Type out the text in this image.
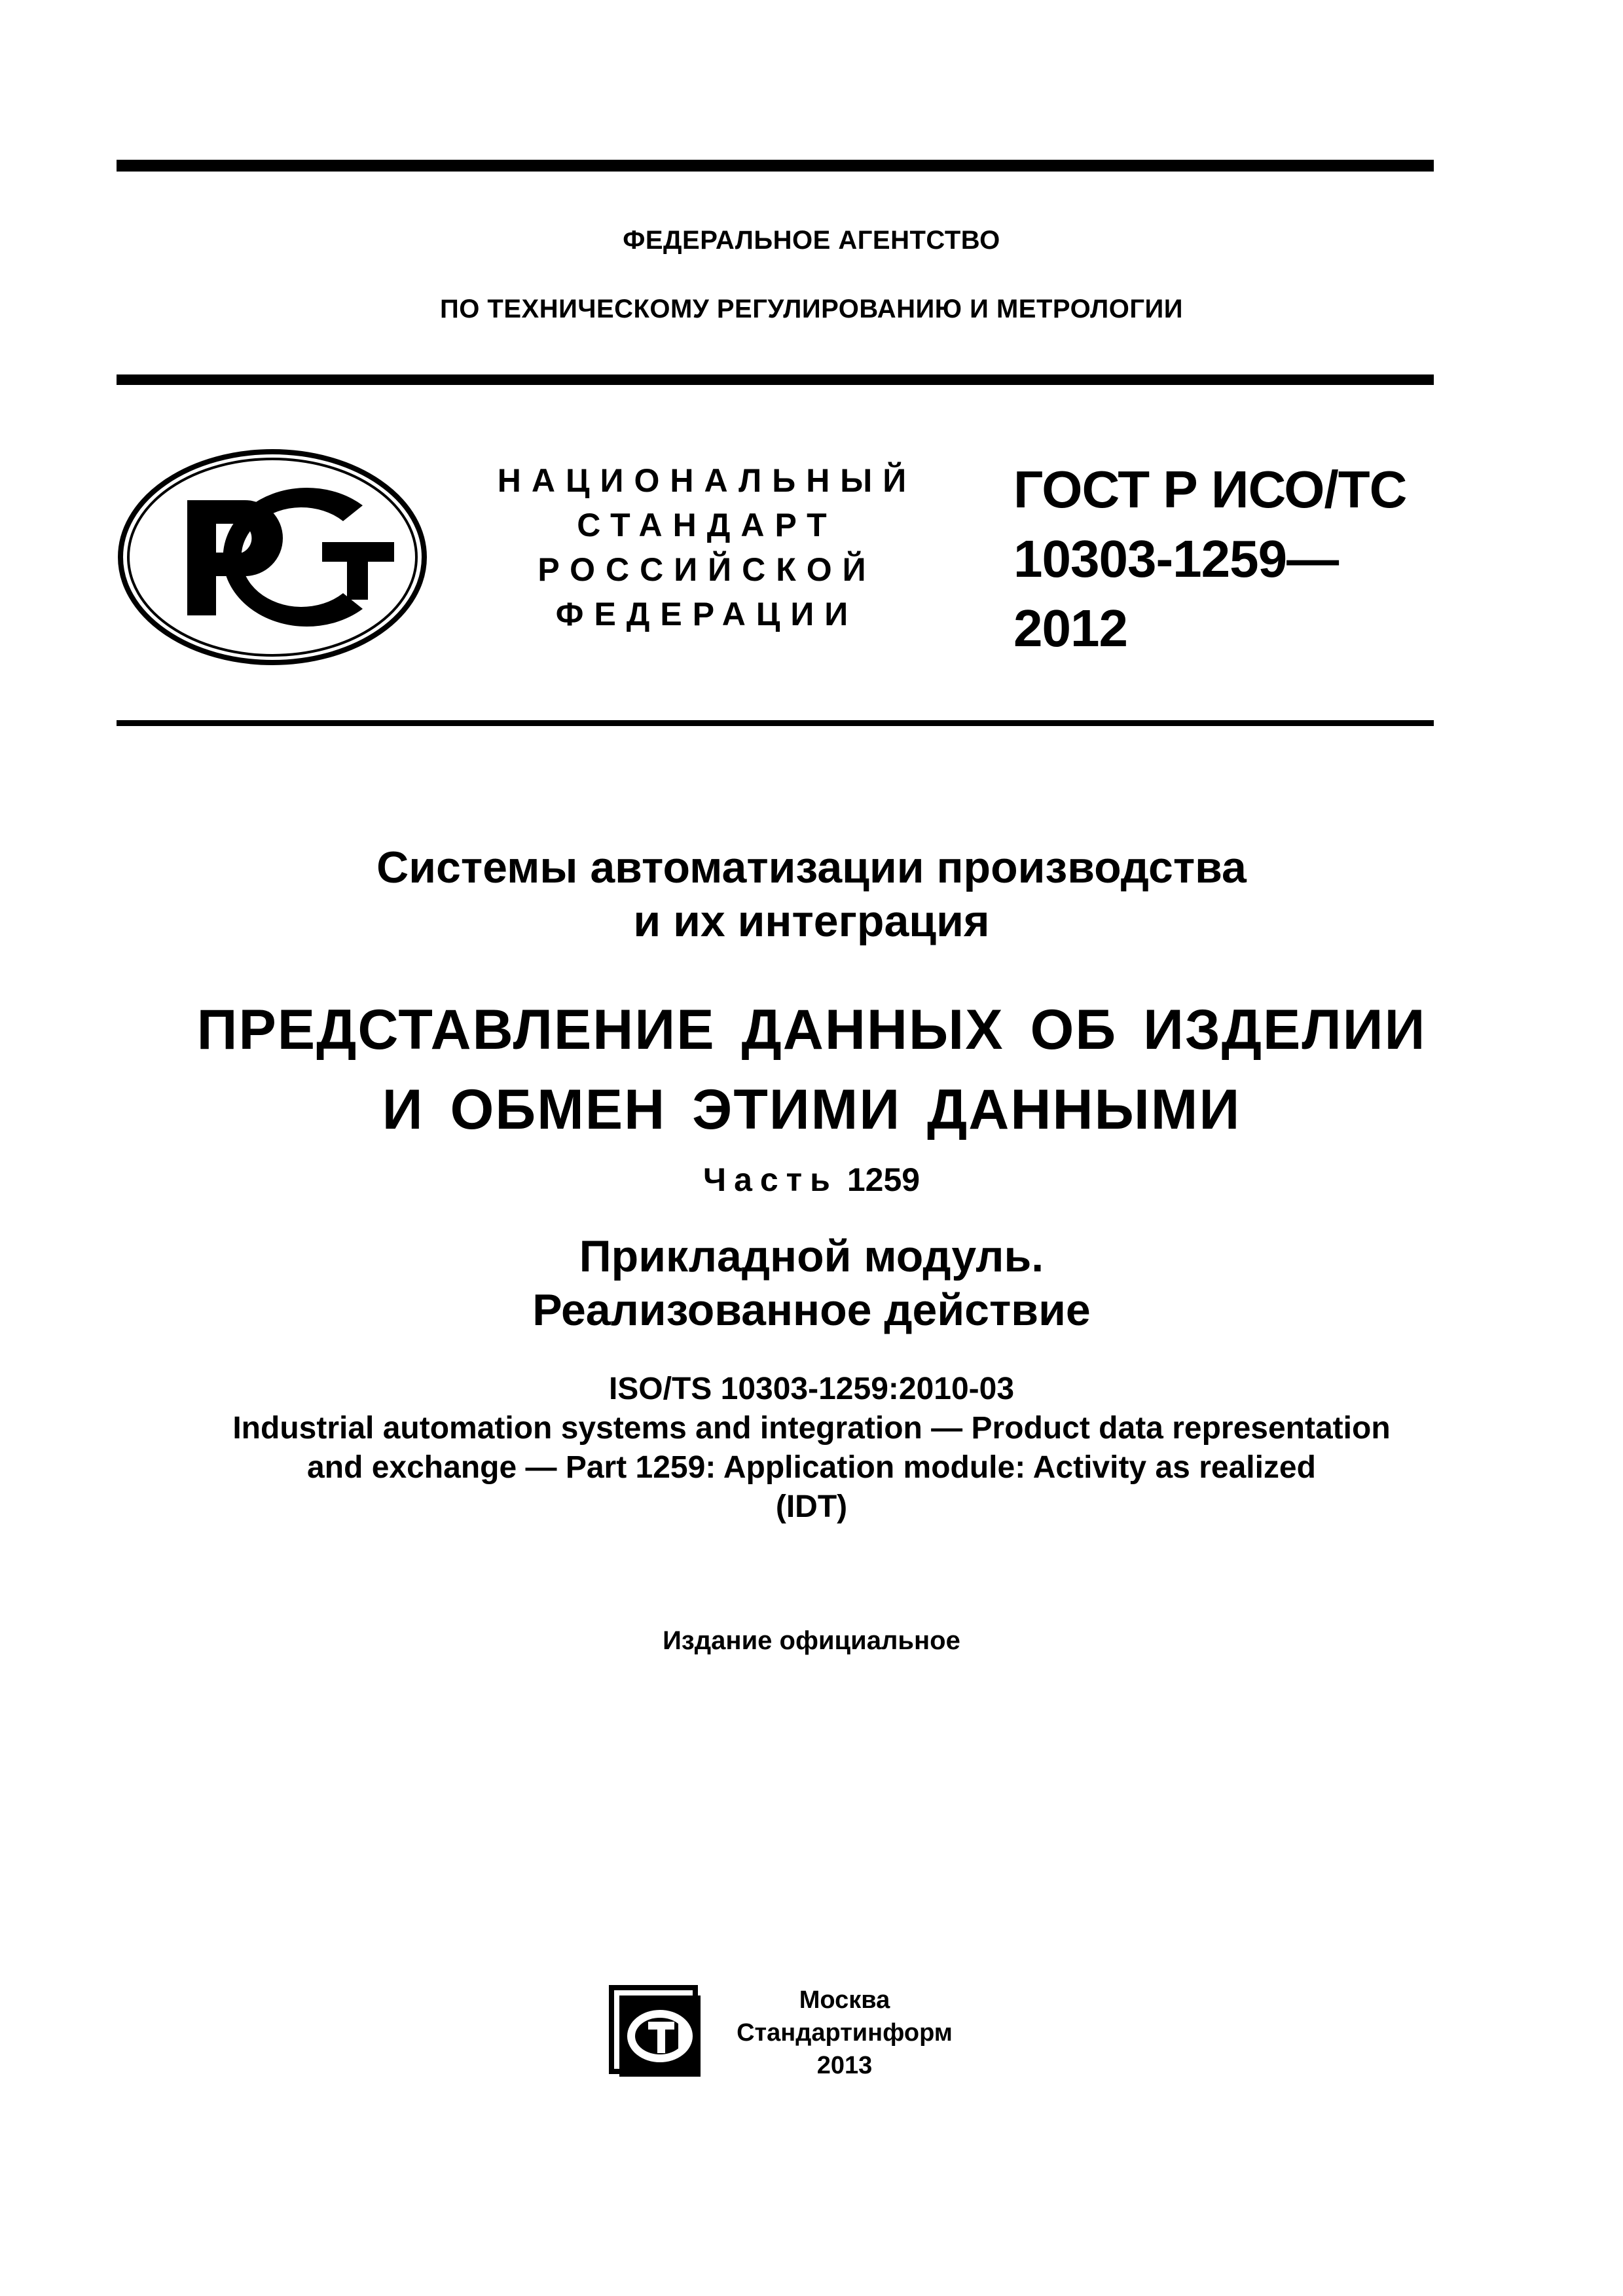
ФЕДЕРАЛЬНОЕ АГЕНТСТВО
ПО ТЕХНИЧЕСКОМУ РЕГУЛИРОВАНИЮ И МЕТРОЛОГИИ
НАЦИОНАЛЬНЫЙ
СТАНДАРТ
РОССИЙСКОЙ
ФЕДЕРАЦИИ
ГОСТ Р ИСО/ТС
10303-1259—
2012
Системы автоматизации производства
и их интеграция
ПРЕДСТАВЛЕНИЕ ДАННЫХ ОБ ИЗДЕЛИИ
И ОБМЕН ЭТИМИ ДАННЫМИ
Часть 1259
Прикладной модуль.
Реализованное действие
ISO/TS 10303-1259:2010-03
Industrial automation systems and integration — Product data representation
and exchange — Part 1259: Application module: Activity as realized
(IDT)
Издание официальное
Москва
Стандартинформ
2013
